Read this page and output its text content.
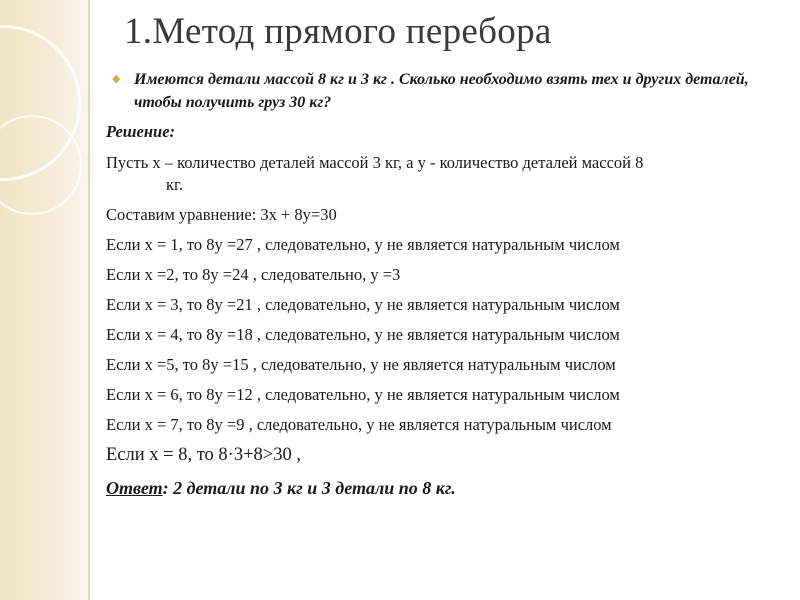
1.Метод прямого перебора
◆ Имеются детали массой 8 кг и 3 кг . Сколько необходимо взять тех и других деталей, чтобы получить груз 30 кг?

Решение:
Пусть x – количество деталей массой 3 кг, а y - количество деталей массой 8
кг.
Составим уравнение: 3x + 8y=30
Если x = 1, то 8y =27 , следовательно, y не является натуральным числом
Если x =2, то 8y =24 , следовательно, y =3
Если x = 3, то 8y =21 , следовательно, y не является натуральным числом
Если x = 4, то 8y =18 , следовательно, y не является натуральным числом
Если x =5, то 8y =15 , следовательно, y не является натуральным числом
Если x = 6, то 8y =12 , следовательно, y не является натуральным числом
Если x = 7, то 8y =9 , следовательно, y не является натуральным числом
Если x = 8, то 8·3+8>30 ,
Ответ: 2 детали по 3 кг и 3 детали по 8 кг.
